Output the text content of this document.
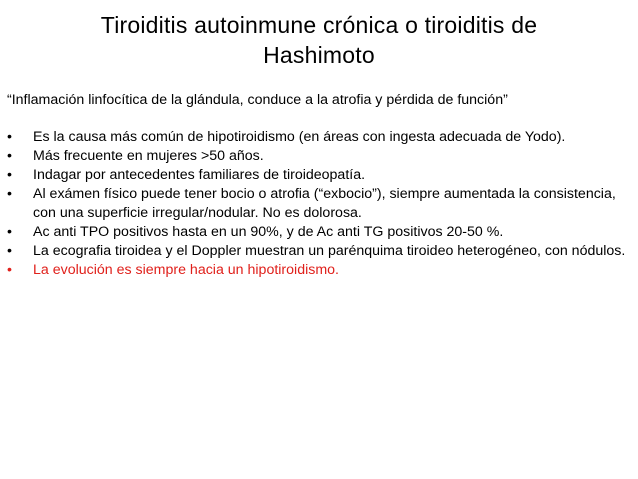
Tiroiditis autoinmune crónica o tiroiditis de
Hashimoto
“Inflamación linfocítica de la glándula, conduce a la atrofia y pérdida de función”
•	Es la causa más común de hipotiroidismo (en áreas con ingesta adecuada de Yodo).
•	Más frecuente en mujeres >50 años.
•	Indagar por antecedentes familiares de tiroideopatía.
•	Al exámen físico puede tener bocio o atrofia (“exbocio”), siempre aumentada la consistencia, con una superficie irregular/nodular. No es dolorosa.
•	Ac anti TPO positivos hasta en un 90%, y de Ac anti TG positivos 20-50 %.
•	La ecografia tiroidea y el Doppler muestran un parénquima tiroideo heterogéneo, con nódulos.
•	La evolución es siempre hacia un hipotiroidismo.
